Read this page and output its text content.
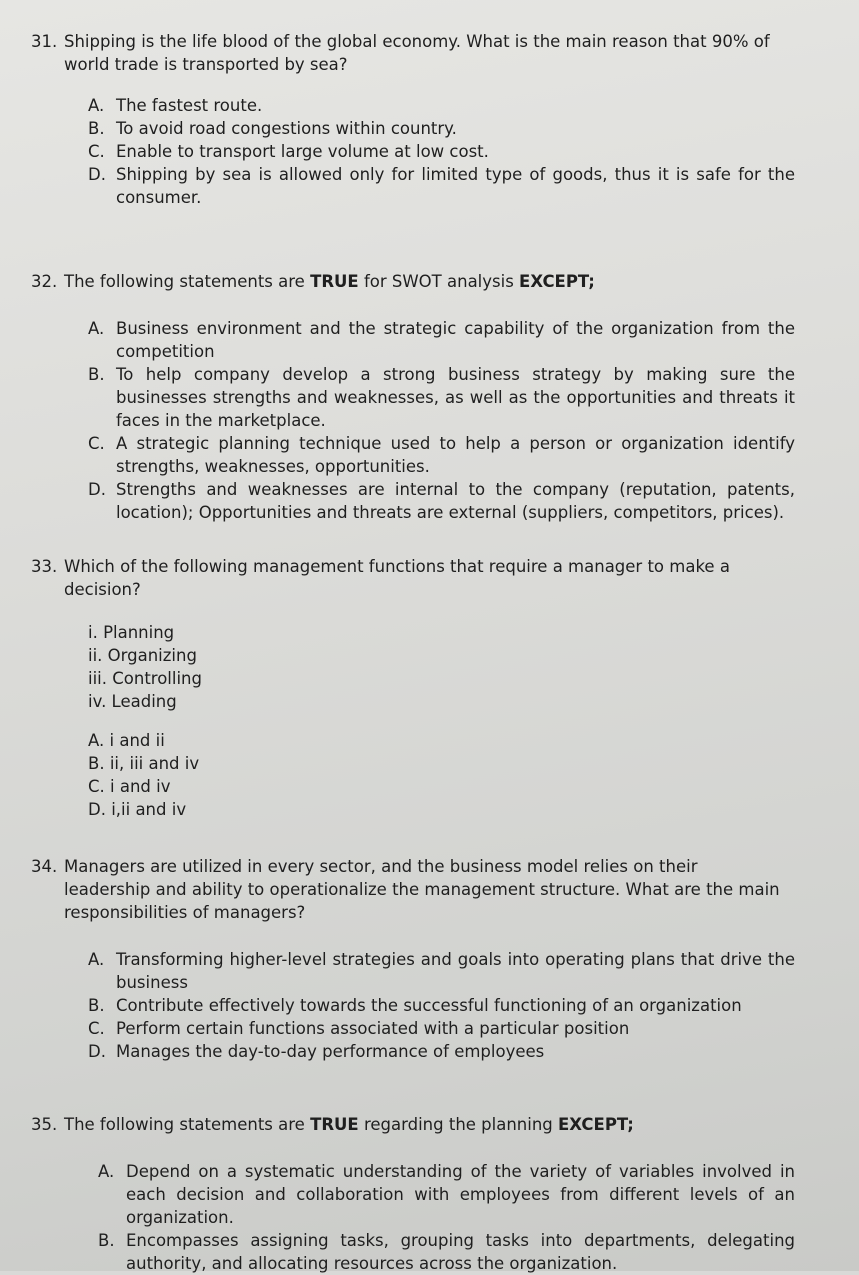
31. Shipping is the life blood of the global economy. What is the main reason that 90% of world trade is transported by sea?

A. The fastest route.
B. To avoid road congestions within country.
C. Enable to transport large volume at low cost.
D. Shipping by sea is allowed only for limited type of goods, thus it is safe for the consumer.

32. The following statements are TRUE for SWOT analysis EXCEPT;

A. Business environment and the strategic capability of the organization from the competition
B. To help company develop a strong business strategy by making sure the businesses strengths and weaknesses, as well as the opportunities and threats it faces in the marketplace.
C. A strategic planning technique used to help a person or organization identify strengths, weaknesses, opportunities.
D. Strengths and weaknesses are internal to the company (reputation, patents, location); Opportunities and threats are external (suppliers, competitors, prices).

33. Which of the following management functions that require a manager to make a decision?

i. Planning
ii. Organizing
iii. Controlling
iv. Leading
A. i and ii
B. ii, iii and iv
C. i and iv
D. i,ii and iv

34. Managers are utilized in every sector, and the business model relies on their leadership and ability to operationalize the management structure. What are the main responsibilities of managers?

A. Transforming higher-level strategies and goals into operating plans that drive the business
B. Contribute effectively towards the successful functioning of an organization
C. Perform certain functions associated with a particular position
D. Manages the day-to-day performance of employees

35. The following statements are TRUE regarding the planning EXCEPT;

A. Depend on a systematic understanding of the variety of variables involved in each decision and collaboration with employees from different levels of an organization.
B. Encompasses assigning tasks, grouping tasks into departments, delegating authority, and allocating resources across the organization.
